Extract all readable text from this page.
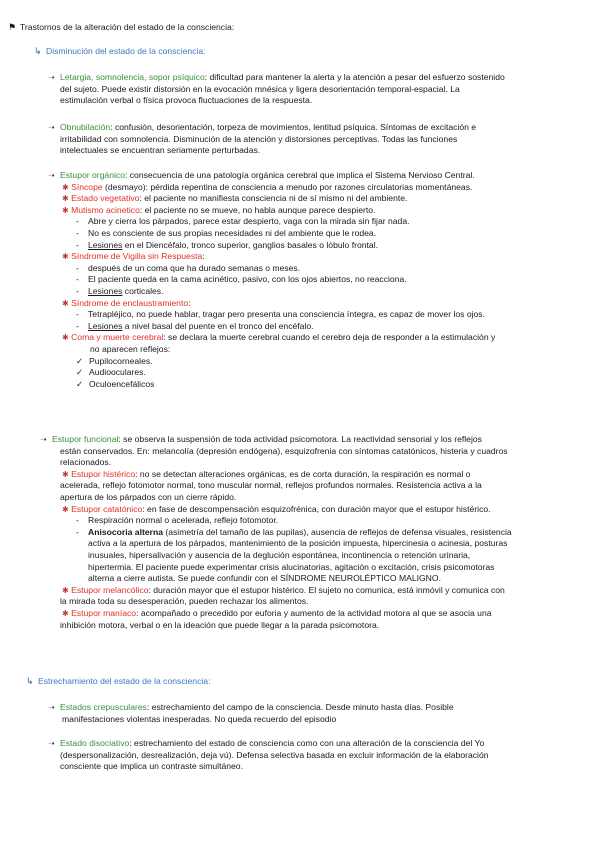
⚑ Trastornos de la alteración del estado de la consciencia:
↳ Disminución del estado de la consciencia:
➝ Letargia, somnolencia, sopor psíquico: dificultad para mantener la alerta y la atención a pesar del esfuerzo sostenido
del sujeto. Puede existir distorsión en la evocación mnésica y ligera desorientación temporal-espacial. La
estimulación verbal o física provoca fluctuaciones de la respuesta.
➝ Obnubilación: confusión, desorientación, torpeza de movimientos, lentitud psíquica. Síntomas de excitación e
irritabilidad con somnolencia. Disminución de la atención y distorsiones perceptivas. Todas las funciones
intelectuales se encuentran seriamente perturbadas.
➝ Estupor orgánico: consecuencia de una patología orgánica cerebral que implica el Sistema Nervioso Central.
✱ Síncope (desmayo): pérdida repentina de consciencia a menudo por razones circulatorias momentáneas.
✱ Estado vegetativo: el paciente no manifiesta consciencia ni de sí mismo ni del ambiente.
✱ Mutismo acinetico: el paciente no se mueve, no habla aunque parece despierto.
- Abre y cierra los párpados, parece estar despierto, vaga con la mirada sin fijar nada.
- No es consciente de sus propias necesidades ni del ambiente que le rodea.
- Lesiones en el Diencéfalo, tronco superior, ganglios basales o lóbulo frontal.
✱ Síndrome de Vigilia sin Respuesta:
- después de un coma que ha durado semanas o meses.
- El paciente queda en la cama acinético, pasivo, con los ojos abiertos, no reacciona.
- Lesiones corticales.
✱ Síndrome de enclaustramiento:
- Tetrapléjico, no puede hablar, tragar pero presenta una consciencia íntegra, es capaz de mover los ojos.
- Lesiones a nivel basal del puente en el tronco del encéfalo.
✱ Coma y muerte cerebral: se declara la muerte cerebral cuando el cerebro deja de responder a la estimulación y
no aparecen reflejos:
✓ Pupilocorneales.
✓ Audiooculares.
✓ Oculoencefálicos
➝ Estupor funcional: se observa la suspensión de toda actividad psicomotora. La reactividad sensorial y los reflejos
están conservados. En: melancolía (depresión endógena), esquizofrenia con síntomas catatónicos, histeria y cuadros
relacionados.
✱ Estupor histérico: no se detectan alteraciones orgánicas, es de corta duración, la respiración es normal o
acelerada, reflejo fotomotor normal, tono muscular normal, reflejos profundos normales. Resistencia activa a la
apertura de los párpados con un cierre rápido.
✱ Estupor catatónico: en fase de descompensación esquizofrénica, con duración mayor que el estupor histérico.
- Respiración normal o acelerada, reflejo fotomotor.
- Anisocoria alterna (asimetría del tamaño de las pupilas), ausencia de reflejos de defensa visuales, resistencia
activa a la apertura de los párpados, mantenimiento de la posición impuesta, hipercinesia o acinesia, posturas
inusuales, hipersalivación y ausencia de la deglución espontánea, incontinencia o retención urinaria,
hipertermia. El paciente puede experimentar crisis alucinatorias, agitación o excitación, crisis psicomotoras
alterna a cierre autista. Se puede confundir con el SÍNDROME NEUROLÉPTICO MALIGNO.
✱ Estupor melancólico: duración mayor que el estupor histérico. El sujeto no comunica, está inmóvil y comunica con
la mirada toda su desesperación, pueden rechazar los alimentos.
✱ Estupor maníaco: acompañado o precedido por euforia y aumento de la actividad motora al que se asocia una
inhibición motora, verbal o en la ideación que puede llegar a la parada psicomotora.
↳ Estrechamiento del estado de la consciencia:
➝ Estados crepusculares: estrechamiento del campo de la consciencia. Desde minuto hasta días. Posible
manifestaciones violentas inesperadas. No queda recuerdo del episodio
➝ Estado disociativo: estrechamiento del estado de consciencia como con una alteración de la consciencia del Yo
(despersonalización, desrealización, deja vú). Defensa selectiva basada en excluir información de la elaboración
consciente que implica un contraste simultáneo.
